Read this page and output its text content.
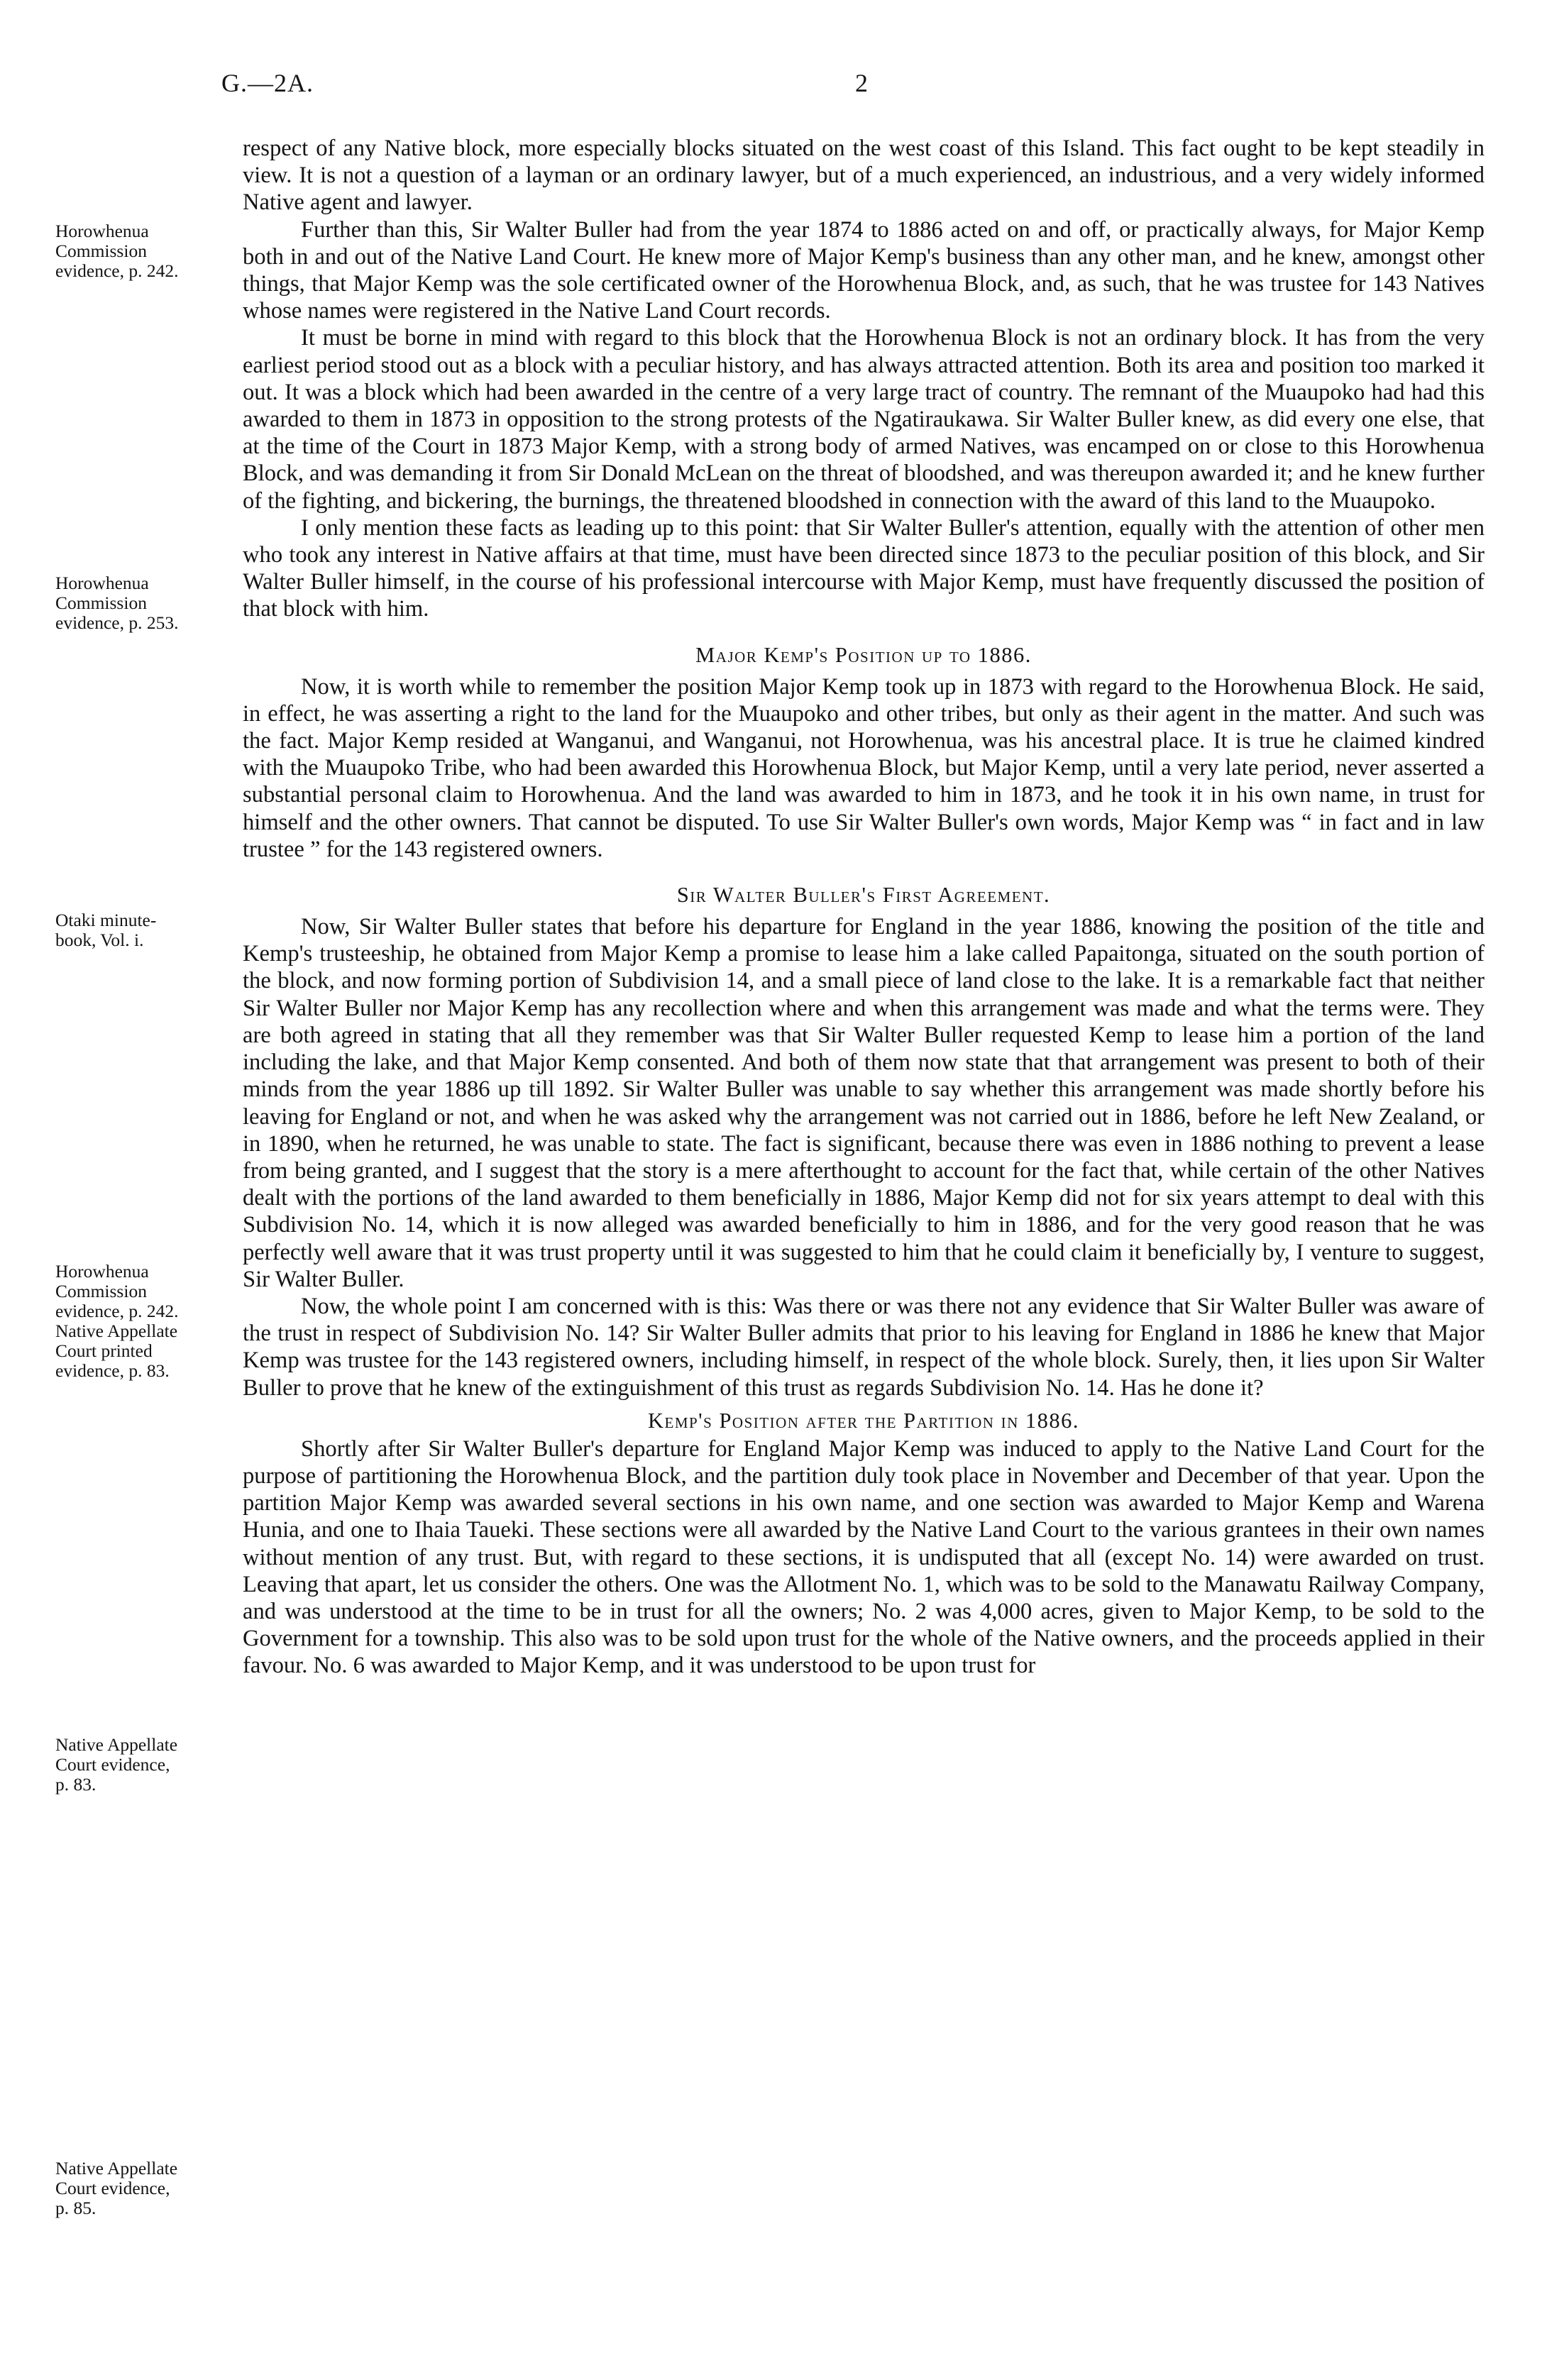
G.—2A.	2
Horowhenua
Commission
evidence, p. 242.
Horowhenua
Commission
evidence, p. 253.
Otaki minute-
book, Vol. i.
Horowhenua
Commission
evidence, p. 242.
Native Appellate
Court printed
evidence, p. 83.
Native Appellate
Court evidence,
p. 83.
Native Appellate
Court evidence,
p. 85.

respect of any Native block, more especially blocks situated on the west coast of this Island. This fact ought to be kept steadily in view. It is not a question of a layman or an ordinary lawyer, but of a much experienced, an industrious, and a very widely informed Native agent and lawyer.

Further than this, Sir Walter Buller had from the year 1874 to 1886 acted on and off, or practically always, for Major Kemp both in and out of the Native Land Court. He knew more of Major Kemp's business than any other man, and he knew, amongst other things, that Major Kemp was the sole certificated owner of the Horowhenua Block, and, as such, that he was trustee for 143 Natives whose names were registered in the Native Land Court records.

It must be borne in mind with regard to this block that the Horowhenua Block is not an ordinary block. It has from the very earliest period stood out as a block with a peculiar history, and has always attracted attention. Both its area and position too marked it out. It was a block which had been awarded in the centre of a very large tract of country. The remnant of the Muaupoko had had this awarded to them in 1873 in opposition to the strong protests of the Ngatiraukawa. Sir Walter Buller knew, as did every one else, that at the time of the Court in 1873 Major Kemp, with a strong body of armed Natives, was encamped on or close to this Horowhenua Block, and was demanding it from Sir Donald McLean on the threat of bloodshed, and was thereupon awarded it; and he knew further of the fighting, and bickering, the burnings, the threatened bloodshed in connection with the award of this land to the Muaupoko.

I only mention these facts as leading up to this point: that Sir Walter Buller's attention, equally with the attention of other men who took any interest in Native affairs at that time, must have been directed since 1873 to the peculiar position of this block, and Sir Walter Buller himself, in the course of his professional intercourse with Major Kemp, must have frequently discussed the position of that block with him.

Major Kemp's Position up to 1886.

Now, it is worth while to remember the position Major Kemp took up in 1873 with regard to the Horowhenua Block. He said, in effect, he was asserting a right to the land for the Muaupoko and other tribes, but only as their agent in the matter. And such was the fact. Major Kemp resided at Wanganui, and Wanganui, not Horowhenua, was his ancestral place. It is true he claimed kindred with the Muaupoko Tribe, who had been awarded this Horowhenua Block, but Major Kemp, until a very late period, never asserted a substantial personal claim to Horowhenua. And the land was awarded to him in 1873, and he took it in his own name, in trust for himself and the other owners. That cannot be disputed. To use Sir Walter Buller's own words, Major Kemp was “ in fact and in law trustee ” for the 143 registered owners.

Sir Walter Buller's First Agreement.

Now, Sir Walter Buller states that before his departure for England in the year 1886, knowing the position of the title and Kemp's trusteeship, he obtained from Major Kemp a promise to lease him a lake called Papaitonga, situated on the south portion of the block, and now forming portion of Subdivision 14, and a small piece of land close to the lake. It is a remarkable fact that neither Sir Walter Buller nor Major Kemp has any recollection where and when this arrangement was made and what the terms were. They are both agreed in stating that all they remember was that Sir Walter Buller requested Kemp to lease him a portion of the land including the lake, and that Major Kemp consented. And both of them now state that that arrangement was present to both of their minds from the year 1886 up till 1892. Sir Walter Buller was unable to say whether this arrangement was made shortly before his leaving for England or not, and when he was asked why the arrangement was not carried out in 1886, before he left New Zealand, or in 1890, when he returned, he was unable to state. The fact is significant, because there was even in 1886 nothing to prevent a lease from being granted, and I suggest that the story is a mere afterthought to account for the fact that, while certain of the other Natives dealt with the portions of the land awarded to them beneficially in 1886, Major Kemp did not for six years attempt to deal with this Subdivision No. 14, which it is now alleged was awarded beneficially to him in 1886, and for the very good reason that he was perfectly well aware that it was trust property until it was suggested to him that he could claim it beneficially by, I venture to suggest, Sir Walter Buller.

Now, the whole point I am concerned with is this: Was there or was there not any evidence that Sir Walter Buller was aware of the trust in respect of Subdivision No. 14? Sir Walter Buller admits that prior to his leaving for England in 1886 he knew that Major Kemp was trustee for the 143 registered owners, including himself, in respect of the whole block. Surely, then, it lies upon Sir Walter Buller to prove that he knew of the extinguishment of this trust as regards Subdivision No. 14. Has he done it?

Kemp's Position after the Partition in 1886.

Shortly after Sir Walter Buller's departure for England Major Kemp was induced to apply to the Native Land Court for the purpose of partitioning the Horowhenua Block, and the partition duly took place in November and December of that year. Upon the partition Major Kemp was awarded several sections in his own name, and one section was awarded to Major Kemp and Warena Hunia, and one to Ihaia Taueki. These sections were all awarded by the Native Land Court to the various grantees in their own names without mention of any trust. But, with regard to these sections, it is undisputed that all (except No. 14) were awarded on trust. Leaving that apart, let us consider the others. One was the Allotment No. 1, which was to be sold to the Manawatu Railway Company, and was understood at the time to be in trust for all the owners; No. 2 was 4,000 acres, given to Major Kemp, to be sold to the Government for a township. This also was to be sold upon trust for the whole of the Native owners, and the proceeds applied in their favour. No. 6 was awarded to Major Kemp, and it was understood to be upon trust for
